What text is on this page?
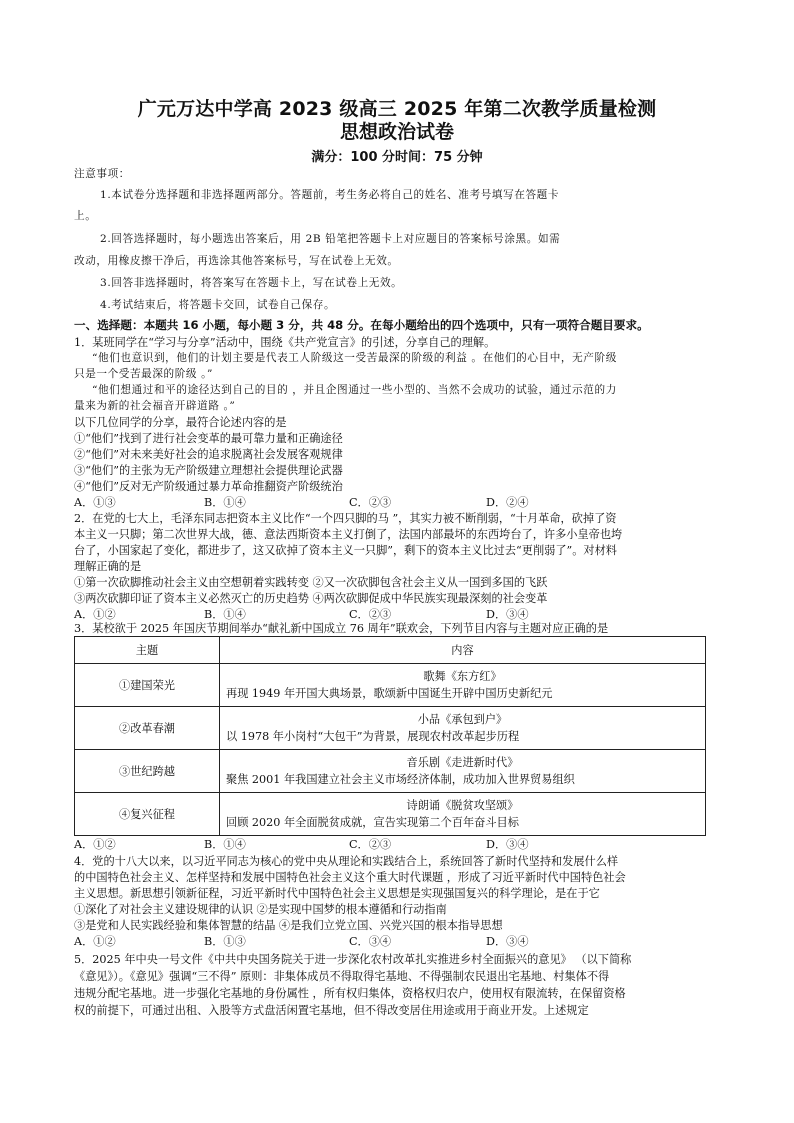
广元万达中学高 2023 级高三 2025 年第二次教学质量检测
思想政治试卷
满分：100 分时间：75 分钟
注意事项：
1.本试卷分选择题和非选择题两部分。答题前，考生务必将自己的姓名、准考号填写在答题卡
上。
2.回答选择题时，每小题选出答案后，用 2B 铅笔把答题卡上对应题目的答案标号涂黑。如需
改动，用橡皮擦干净后，再选涂其他答案标号，写在试卷上无效。
3.回答非选择题时，将答案写在答题卡上，写在试卷上无效。
4.考试结束后，将答题卡交回，试卷自己保存。
一、选择题：本题共 16 小题，每小题 3 分，共 48 分。在每小题给出的四个选项中，只有一项符合题目要求。
1．某班同学在“学习与分享”活动中，围绕《共产党宣言》的引述，分享自己的理解。
“他们也意识到，他们的计划主要是代表工人阶级这一受苦最深的阶级的利益 。在他们的心目中，无产阶级
只是一个受苦最深的阶级 。”
“他们想通过和平的途径达到自己的目的 ，并且企图通过一些小型的、当然不会成功的试验，通过示范的力
量来为新的社会福音开辟道路 。”
以下几位同学的分享，最符合论述内容的是
①“他们”找到了进行社会变革的最可靠力量和正确途径
②“他们”对未来美好社会的追求脱离社会发展客观规律
③“他们”的主张为无产阶级建立理想社会提供理论武器
④“他们”反对无产阶级通过暴力革命推翻资产阶级统治
A．①③	B．①④	C．②③	D．②④
2．在党的七大上，毛泽东同志把资本主义比作“一个四只脚的马 ”，其实力被不断削弱，“十月革命，砍掉了资
本主义一只脚；第二次世界大战，德、意法西斯资本主义打倒了，法国内部最坏的东西垮台了，许多小皇帝也垮
台了，小国家起了变化，都进步了，这又砍掉了资本主义一只脚”，剩下的资本主义比过去“更削弱了”。对材料
理解正确的是
①第一次砍脚推动社会主义由空想朝着实践转变 ②又一次砍脚包含社会主义从一国到多国的飞跃
③两次砍脚印证了资本主义必然灭亡的历史趋势 ④两次砍脚促成中华民族实现最深刻的社会变革
A．①②	B．①④	C．②③	D．③④
3．某校欲于 2025 年国庆节期间举办“献礼新中国成立 76 周年”联欢会，下列节目内容与主题对应正确的是
主题	内容
①建国荣光	歌舞《东方红》
再现 1949 年开国大典场景，歌颂新中国诞生开辟中国历史新纪元

②改革春潮	小品《承包到户》
以 1978 年小岗村“大包干”为背景，展现农村改革起步历程

③世纪跨越	音乐剧《走进新时代》
聚焦 2001 年我国建立社会主义市场经济体制，成功加入世界贸易组织

④复兴征程	诗朗诵《脱贫攻坚颂》
回顾 2020 年全面脱贫成就，宣告实现第二个百年奋斗目标
A．①②	B．①④	C．②③	D．③④
4．党的十八大以来，以习近平同志为核心的党中央从理论和实践结合上，系统回答了新时代坚持和发展什么样
的中国特色社会主义、怎样坚持和发展中国特色社会主义这个重大时代课题 ，形成了习近平新时代中国特色社会
主义思想。新思想引领新征程，习近平新时代中国特色社会主义思想是实现强国复兴的科学理论，是在于它
①深化了对社会主义建设规律的认识 ②是实现中国梦的根本遵循和行动指南
③是党和人民实践经验和集体智慧的结晶 ④是我们立党立国、兴党兴国的根本指导思想
A．①②	B．①③	C．③④	D．③④
5．2025 年中央一号文件《中共中央国务院关于进一步深化农村改革扎实推进乡村全面振兴的意见》 （以下简称
《意见》）。《意见》强调“三不得” 原则：非集体成员不得取得宅基地、不得强制农民退出宅基地、村集体不得
违规分配宅基地。进一步强化宅基地的身份属性 ，所有权归集体，资格权归农户，使用权有限流转，在保留资格
权的前提下，可通过出租、入股等方式盘活闲置宅基地，但不得改变居住用途或用于商业开发。上述规定
